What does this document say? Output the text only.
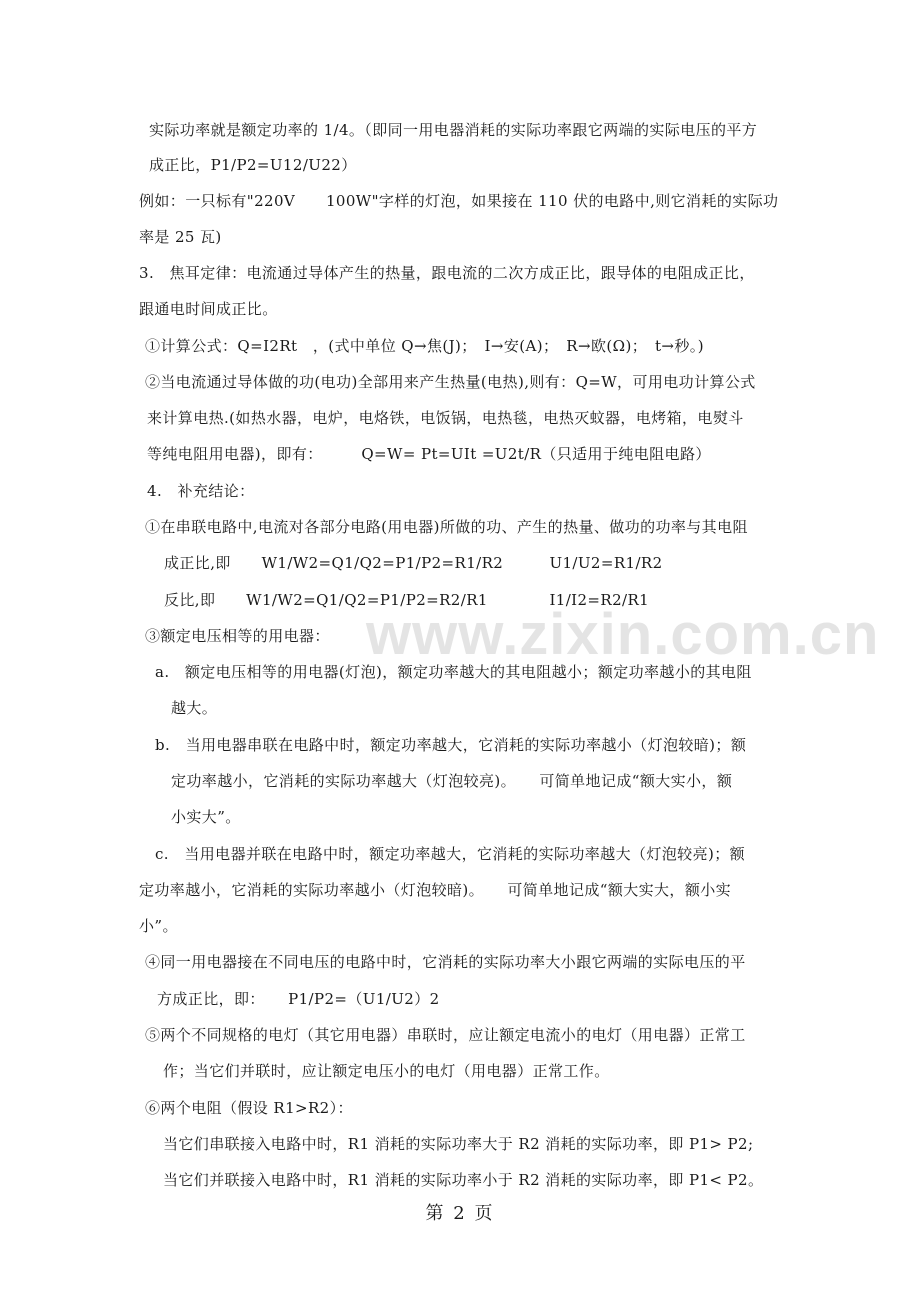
实际功率就是额定功率的 1/4。（即同一用电器消耗的实际功率跟它两端的实际电压的平方
成正比，P1/P2=U12/U22）
例如：一只标有"220V　　100W"字样的灯泡，如果接在 110 伏的电路中,则它消耗的实际功
率是 25 瓦)
3.　焦耳定律：电流通过导体产生的热量，跟电流的二次方成正比，跟导体的电阻成正比，
跟通电时间成正比。
①计算公式：Q=I2Rt　，(式中单位 Q→焦(J)；　I→安(A)；　R→欧(Ω)；　t→秒。)
②当电流通过导体做的功(电功)全部用来产生热量(电热),则有：Q=W，可用电功计算公式
来计算电热.(如热水器，电炉，电烙铁，电饭锅，电热毯，电热灭蚊器，电烤箱，电熨斗
等纯电阻用电器)，即有：　　　Q=W= Pt=UIt =U2t/R（只适用于纯电阻电路）
4.　补充结论：
①在串联电路中,电流对各部分电路(用电器)所做的功、产生的热量、做功的功率与其电阻
成正比,即　　W1/W2=Q1/Q2=P1/P2=R1/R2　　　U1/U2=R1/R2
反比,即　　W1/W2=Q1/Q2=P1/P2=R2/R1　　　　I1/I2=R2/R1
③额定电压相等的用电器：
a.　额定电压相等的用电器(灯泡)，额定功率越大的其电阻越小；额定功率越小的其电阻
越大。
b.　当用电器串联在电路中时，额定功率越大，它消耗的实际功率越小（灯泡较暗)；额
定功率越小，它消耗的实际功率越大（灯泡较亮)。　　可简单地记成“额大实小，额
小实大”。
c.　当用电器并联在电路中时，额定功率越大，它消耗的实际功率越大（灯泡较亮)；额
定功率越小，它消耗的实际功率越小（灯泡较暗)。　　可简单地记成“额大实大，额小实
小”。
④同一用电器接在不同电压的电路中时，它消耗的实际功率大小跟它两端的实际电压的平
方成正比，即：　　P1/P2=（U1/U2）2
⑤两个不同规格的电灯（其它用电器）串联时，应让额定电流小的电灯（用电器）正常工
作；当它们并联时，应让额定电压小的电灯（用电器）正常工作。
⑥两个电阻（假设 R1>R2）：
当它们串联接入电路中时，R1 消耗的实际功率大于 R2 消耗的实际功率，即 P1> P2;
当它们并联接入电路中时，R1 消耗的实际功率小于 R2 消耗的实际功率，即 P1< P2。
www.zixin.com.cn
第 2 页
